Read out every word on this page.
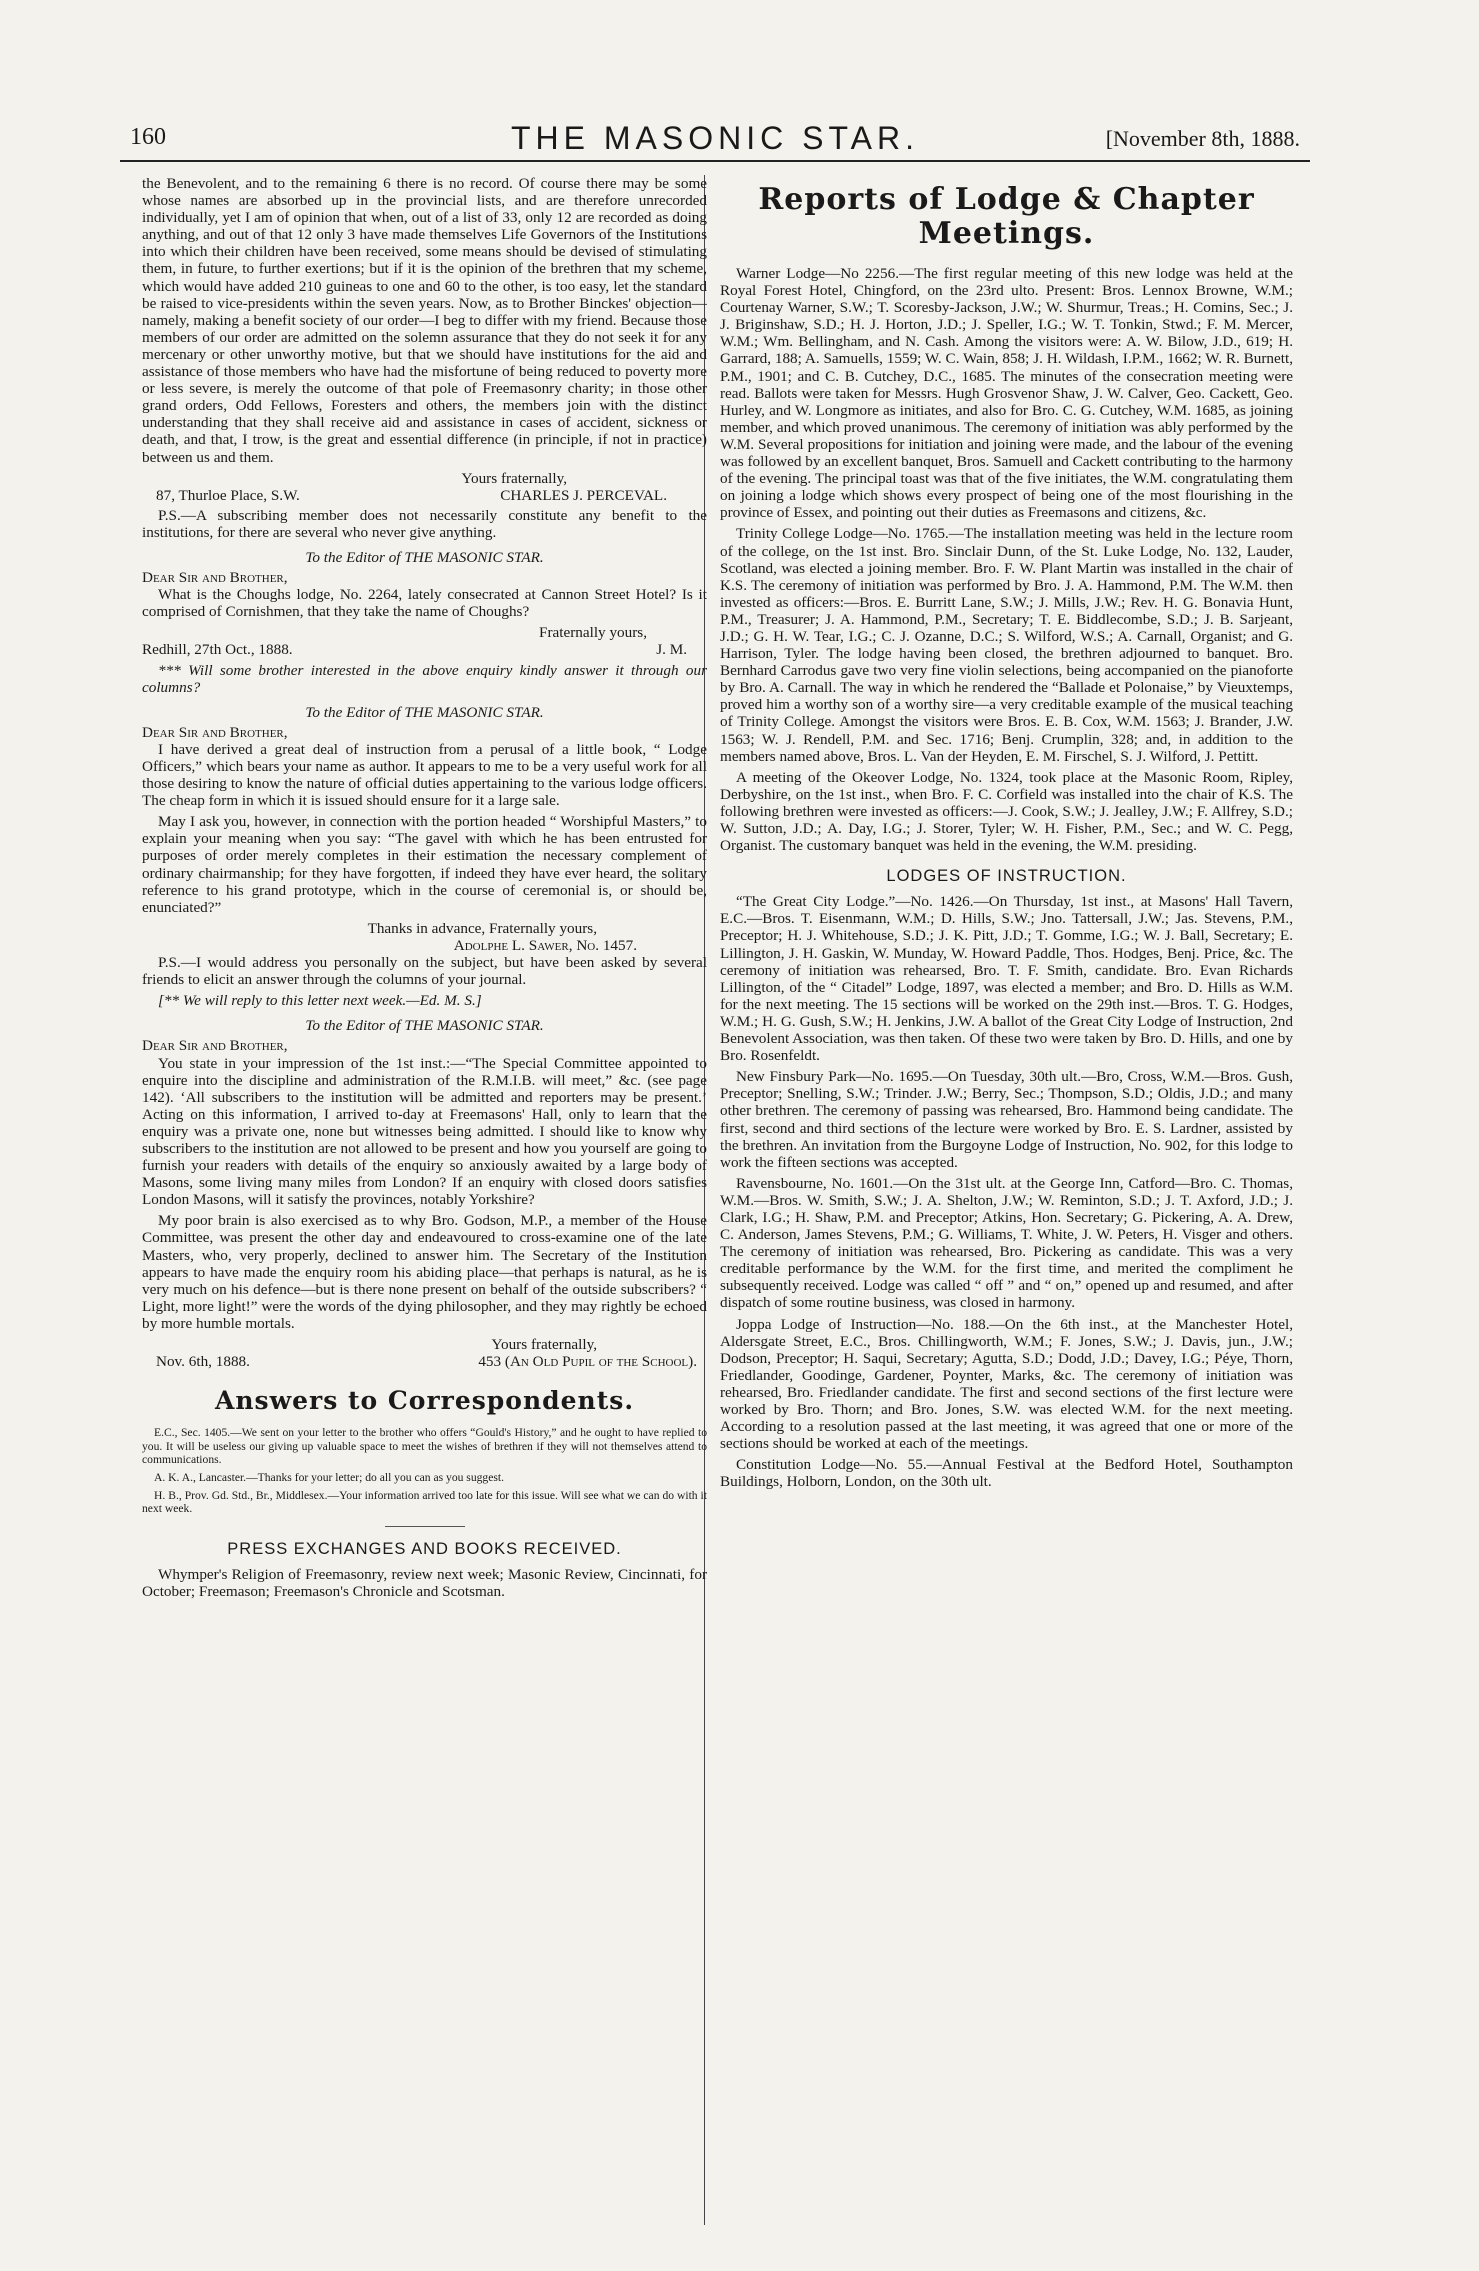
160	THE MASONIC STAR.	[November 8th, 1888.

the Benevolent, and to the remaining 6 there is no record. Of course there may be some whose names are absorbed up in the provincial lists, and are therefore unrecorded individually, yet I am of opinion that when, out of a list of 33, only 12 are recorded as doing anything, and out of that 12 only 3 have made themselves Life Governors of the Institutions into which their children have been received, some means should be devised of stimulating them, in future, to further exertions; but if it is the opinion of the brethren that my scheme, which would have added 210 guineas to one and 60 to the other, is too easy, let the standard be raised to vice-presidents within the seven years. Now, as to Brother Binckes' objection—namely, making a benefit society of our order—I beg to differ with my friend. Because those members of our order are admitted on the solemn assurance that they do not seek it for any mercenary or other unworthy motive, but that we should have institutions for the aid and assistance of those members who have had the misfortune of being reduced to poverty more or less severe, is merely the outcome of that pole of Freemasonry charity; in those other grand orders, Odd Fellows, Foresters and others, the members join with the distinct understanding that they shall receive aid and assistance in cases of accident, sickness or death, and that, I trow, is the great and essential difference (in principle, if not in practice) between us and them.

Yours fraternally,
87, Thurloe Place, S.W.	CHARLES J. PERCEVAL.

P.S.—A subscribing member does not necessarily constitute any benefit to the institutions, for there are several who never give anything.

To the Editor of THE MASONIC STAR.

Dear Sir and Brother,

What is the Choughs lodge, No. 2264, lately consecrated at Cannon Street Hotel? Is it comprised of Cornishmen, that they take the name of Choughs?

Fraternally yours,
Redhill, 27th Oct., 1888.	J. M.

*** Will some brother interested in the above enquiry kindly answer it through our columns?

To the Editor of THE MASONIC STAR.

Dear Sir and Brother,

I have derived a great deal of instruction from a perusal of a little book, “ Lodge Officers,” which bears your name as author. It appears to me to be a very useful work for all those desiring to know the nature of official duties appertaining to the various lodge officers. The cheap form in which it is issued should ensure for it a large sale.

May I ask you, however, in connection with the portion headed “ Worshipful Masters,” to explain your meaning when you say: “The gavel with which he has been entrusted for purposes of order merely completes in their estimation the necessary complement of ordinary chairmanship; for they have forgotten, if indeed they have ever heard, the solitary reference to his grand prototype, which in the course of ceremonial is, or should be, enunciated?”

Thanks in advance, Fraternally yours,
Adolphe L. Sawer, No. 1457.

P.S.—I would address you personally on the subject, but have been asked by several friends to elicit an answer through the columns of your journal.

[** We will reply to this letter next week.—Ed. M. S.]

To the Editor of THE MASONIC STAR.

Dear Sir and Brother,

You state in your impression of the 1st inst.:—“The Special Committee appointed to enquire into the discipline and administration of the R.M.I.B. will meet,” &c. (see page 142). ‘All subscribers to the institution will be admitted and reporters may be present.’ Acting on this information, I arrived to-day at Freemasons' Hall, only to learn that the enquiry was a private one, none but witnesses being admitted. I should like to know why subscribers to the institution are not allowed to be present and how you yourself are going to furnish your readers with details of the enquiry so anxiously awaited by a large body of Masons, some living many miles from London? If an enquiry with closed doors satisfies London Masons, will it satisfy the provinces, notably Yorkshire?

My poor brain is also exercised as to why Bro. Godson, M.P., a member of the House Committee, was present the other day and endeavoured to cross-examine one of the late Masters, who, very properly, declined to answer him. The Secretary of the Institution appears to have made the enquiry room his abiding place—that perhaps is natural, as he is very much on his defence—but is there none present on behalf of the outside subscribers? “ Light, more light!” were the words of the dying philosopher, and they may rightly be echoed by more humble mortals.

Yours fraternally,
Nov. 6th, 1888.	453 (An Old Pupil of the School).
Answers to Correspondents.

E.C., Sec. 1405.—We sent on your letter to the brother who offers “Gould's History,” and he ought to have replied to you. It will be useless our giving up valuable space to meet the wishes of brethren if they will not themselves attend to communications.

A. K. A., Lancaster.—Thanks for your letter; do all you can as you suggest.

H. B., Prov. Gd. Std., Br., Middlesex.—Your information arrived too late for this issue. Will see what we can do with it next week.

PRESS EXCHANGES AND BOOKS RECEIVED.

Whymper's Religion of Freemasonry, review next week; Masonic Review, Cincinnati, for October; Freemason; Freemason's Chronicle and Scotsman.

Reports of Lodge & Chapter Meetings.

Warner Lodge—No 2256.—The first regular meeting of this new lodge was held at the Royal Forest Hotel, Chingford, on the 23rd ulto. Present: Bros. Lennox Browne, W.M.; Courtenay Warner, S.W.; T. Scoresby-Jackson, J.W.; W. Shurmur, Treas.; H. Comins, Sec.; J. J. Briginshaw, S.D.; H. J. Horton, J.D.; J. Speller, I.G.; W. T. Tonkin, Stwd.; F. M. Mercer, W.M.; Wm. Bellingham, and N. Cash. Among the visitors were: A. W. Bilow, J.D., 619; H. Garrard, 188; A. Samuells, 1559; W. C. Wain, 858; J. H. Wildash, I.P.M., 1662; W. R. Burnett, P.M., 1901; and C. B. Cutchey, D.C., 1685. The minutes of the consecration meeting were read. Ballots were taken for Messrs. Hugh Grosvenor Shaw, J. W. Calver, Geo. Cackett, Geo. Hurley, and W. Longmore as initiates, and also for Bro. C. G. Cutchey, W.M. 1685, as joining member, and which proved unanimous. The ceremony of initiation was ably performed by the W.M. Several propositions for initiation and joining were made, and the labour of the evening was followed by an excellent banquet, Bros. Samuell and Cackett contributing to the harmony of the evening. The principal toast was that of the five initiates, the W.M. congratulating them on joining a lodge which shows every prospect of being one of the most flourishing in the province of Essex, and pointing out their duties as Freemasons and citizens, &c.

Trinity College Lodge—No. 1765.—The installation meeting was held in the lecture room of the college, on the 1st inst. Bro. Sinclair Dunn, of the St. Luke Lodge, No. 132, Lauder, Scotland, was elected a joining member. Bro. F. W. Plant Martin was installed in the chair of K.S. The ceremony of initiation was performed by Bro. J. A. Hammond, P.M. The W.M. then invested as officers:—Bros. E. Burritt Lane, S.W.; J. Mills, J.W.; Rev. H. G. Bonavia Hunt, P.M., Treasurer; J. A. Hammond, P.M., Secretary; T. E. Biddlecombe, S.D.; J. B. Sarjeant, J.D.; G. H. W. Tear, I.G.; C. J. Ozanne, D.C.; S. Wilford, W.S.; A. Carnall, Organist; and G. Harrison, Tyler. The lodge having been closed, the brethren adjourned to banquet. Bro. Bernhard Carrodus gave two very fine violin selections, being accompanied on the pianoforte by Bro. A. Carnall. The way in which he rendered the “Ballade et Polonaise,” by Vieuxtemps, proved him a worthy son of a worthy sire—a very creditable example of the musical teaching of Trinity College. Amongst the visitors were Bros. E. B. Cox, W.M. 1563; J. Brander, J.W. 1563; W. J. Rendell, P.M. and Sec. 1716; Benj. Crumplin, 328; and, in addition to the members named above, Bros. L. Van der Heyden, E. M. Firschel, S. J. Wilford, J. Pettitt.

A meeting of the Okeover Lodge, No. 1324, took place at the Masonic Room, Ripley, Derbyshire, on the 1st inst., when Bro. F. C. Corfield was installed into the chair of K.S. The following brethren were invested as officers:—J. Cook, S.W.; J. Jealley, J.W.; F. Allfrey, S.D.; W. Sutton, J.D.; A. Day, I.G.; J. Storer, Tyler; W. H. Fisher, P.M., Sec.; and W. C. Pegg, Organist. The customary banquet was held in the evening, the W.M. presiding.

LODGES OF INSTRUCTION.

“The Great City Lodge.”—No. 1426.—On Thursday, 1st inst., at Masons' Hall Tavern, E.C.—Bros. T. Eisenmann, W.M.; D. Hills, S.W.; Jno. Tattersall, J.W.; Jas. Stevens, P.M., Preceptor; H. J. Whitehouse, S.D.; J. K. Pitt, J.D.; T. Gomme, I.G.; W. J. Ball, Secretary; E. Lillington, J. H. Gaskin, W. Munday, W. Howard Paddle, Thos. Hodges, Benj. Price, &c. The ceremony of initiation was rehearsed, Bro. T. F. Smith, candidate. Bro. Evan Richards Lillington, of the “ Citadel” Lodge, 1897, was elected a member; and Bro. D. Hills as W.M. for the next meeting. The 15 sections will be worked on the 29th inst.—Bros. T. G. Hodges, W.M.; H. G. Gush, S.W.; H. Jenkins, J.W. A ballot of the Great City Lodge of Instruction, 2nd Benevolent Association, was then taken. Of these two were taken by Bro. D. Hills, and one by Bro. Rosenfeldt.

New Finsbury Park—No. 1695.—On Tuesday, 30th ult.—Bro, Cross, W.M.—Bros. Gush, Preceptor; Snelling, S.W.; Trinder. J.W.; Berry, Sec.; Thompson, S.D.; Oldis, J.D.; and many other brethren. The ceremony of passing was rehearsed, Bro. Hammond being candidate. The first, second and third sections of the lecture were worked by Bro. E. S. Lardner, assisted by the brethren. An invitation from the Burgoyne Lodge of Instruction, No. 902, for this lodge to work the fifteen sections was accepted.

Ravensbourne, No. 1601.—On the 31st ult. at the George Inn, Catford—Bro. C. Thomas, W.M.—Bros. W. Smith, S.W.; J. A. Shelton, J.W.; W. Reminton, S.D.; J. T. Axford, J.D.; J. Clark, I.G.; H. Shaw, P.M. and Preceptor; Atkins, Hon. Secretary; G. Pickering, A. A. Drew, C. Anderson, James Stevens, P.M.; G. Williams, T. White, J. W. Peters, H. Visger and others. The ceremony of initiation was rehearsed, Bro. Pickering as candidate. This was a very creditable performance by the W.M. for the first time, and merited the compliment he subsequently received. Lodge was called “ off ” and “ on,” opened up and resumed, and after dispatch of some routine business, was closed in harmony.

Joppa Lodge of Instruction—No. 188.—On the 6th inst., at the Manchester Hotel, Aldersgate Street, E.C., Bros. Chillingworth, W.M.; F. Jones, S.W.; J. Davis, jun., J.W.; Dodson, Preceptor; H. Saqui, Secretary; Agutta, S.D.; Dodd, J.D.; Davey, I.G.; Péye, Thorn, Friedlander, Goodinge, Gardener, Poynter, Marks, &c. The ceremony of initiation was rehearsed, Bro. Friedlander candidate. The first and second sections of the first lecture were worked by Bro. Thorn; and Bro. Jones, S.W. was elected W.M. for the next meeting. According to a resolution passed at the last meeting, it was agreed that one or more of the sections should be worked at each of the meetings.

Constitution Lodge—No. 55.—Annual Festival at the Bedford Hotel, Southampton Buildings, Holborn, London, on the 30th ult.
